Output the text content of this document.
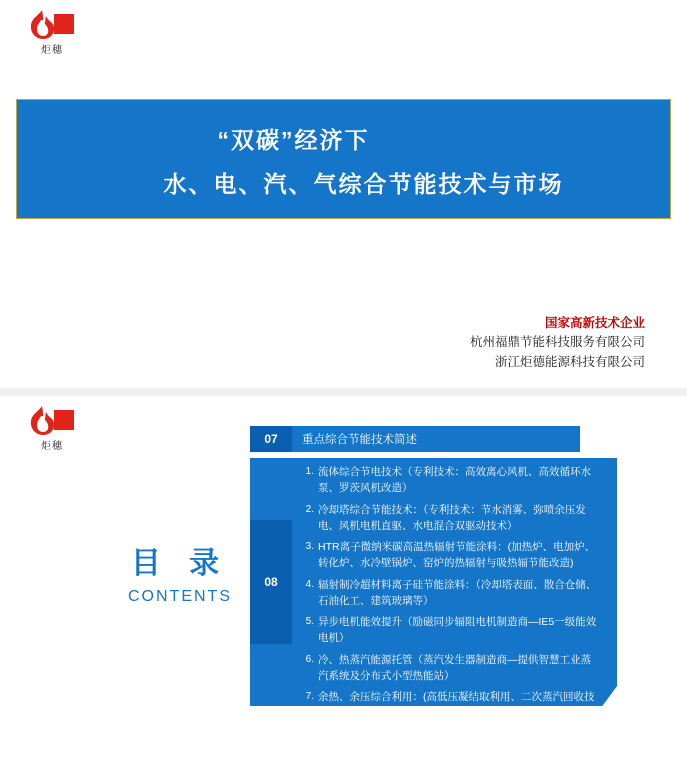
炬穗
“双碳”经济下
水、电、汽、气综合节能技术与市场
国家高新技术企业
杭州福鼎节能科技服务有限公司
浙江炬德能源科技有限公司
炬穗
目 录
CONTENTS
07	重点综合节能技术简述
08
1. 流体综合节电技术（专利技术：高效离心风机、高效循环水泵、罗茨风机改造）
2. 冷却塔综合节能技术：（专利技术：节水消雾、弥喷余压发电、风机电机直驱、水电混合双驱动技术）
3. HTR离子微纳米碳高温热辐射节能涂料：(加热炉、电加炉、转化炉、水冷壁锅炉、窑炉的热辐射与吸热辐节能改造)
4. 辐射制冷超材料离子硅节能涂料：（冷却塔表面、散合仓储、石油化工、建筑玻璃等）
5. 异步电机能效提升（励磁同步辐阻电机制造商—IE5一级能效电机）
6. 冷、热蒸汽能源托管（蒸汽发生器制造商—提供智慧工业蒸汽系统及分布式小型热能站）
7. 余热、余压综合利用：(高低压凝结取利用、二次蒸汽回收技术）
